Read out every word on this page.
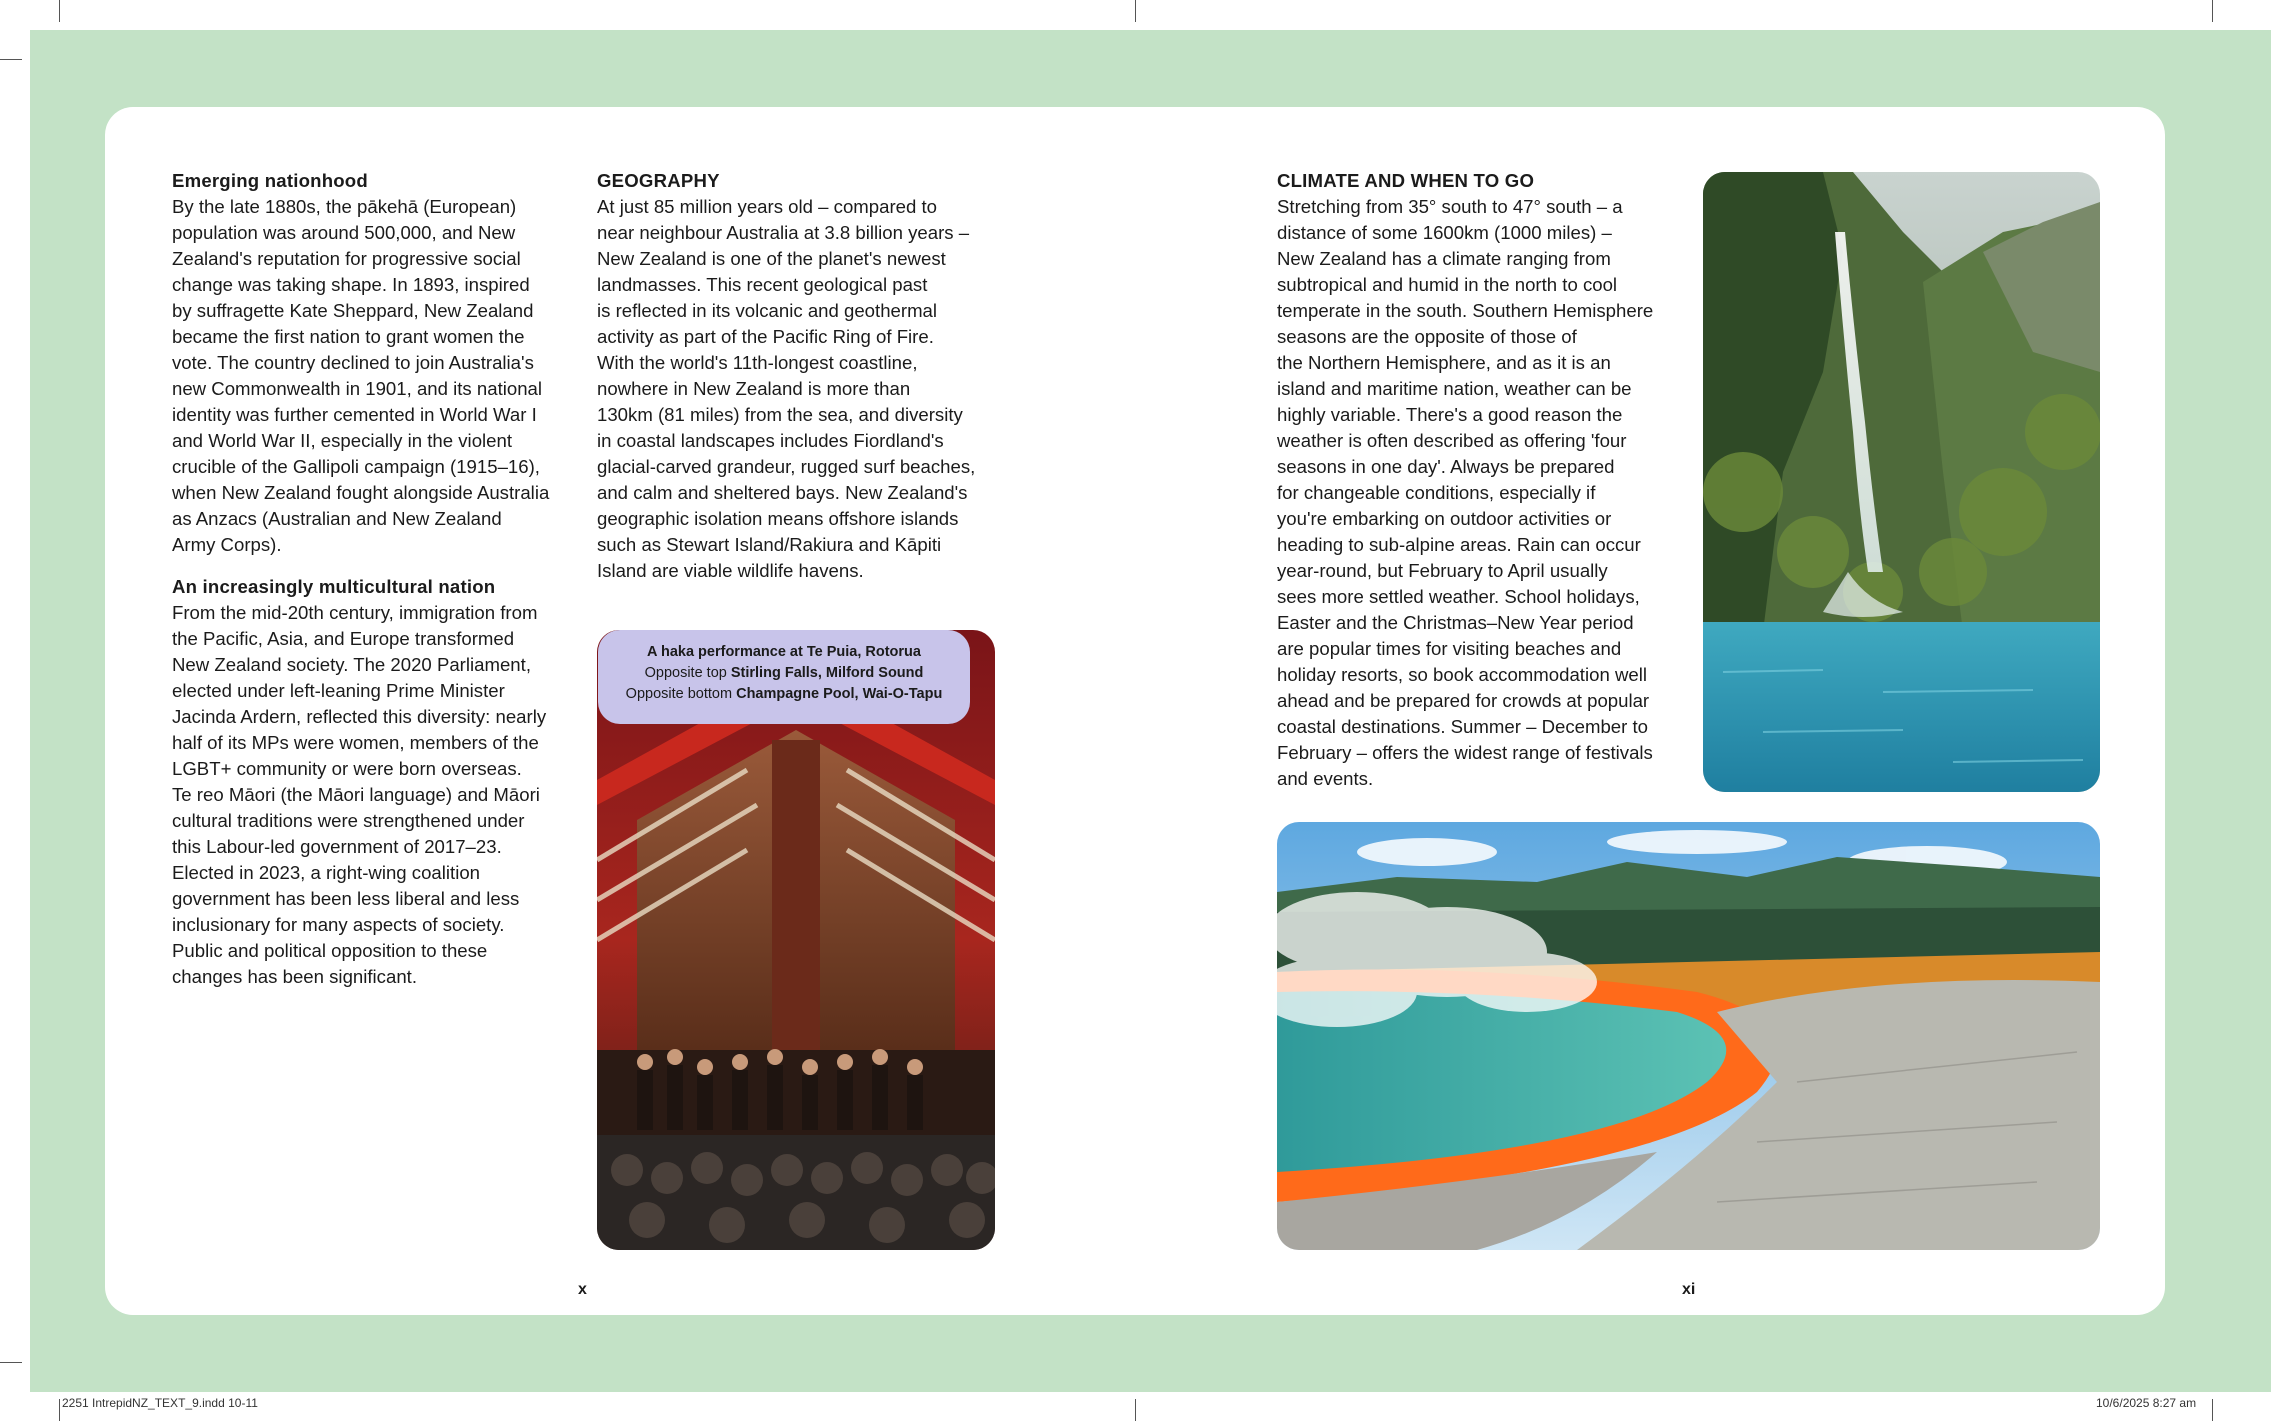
Emerging nationhood

By the late 1880s, the pākehā (European)

population was around 500,000, and New

Zealand's reputation for progressive social

change was taking shape. In 1893, inspired

by suffragette Kate Sheppard, New Zealand

became the first nation to grant women the

vote. The country declined to join Australia's

new Commonwealth in 1901, and its national

identity was further cemented in World War I

and World War II, especially in the violent

crucible of the Gallipoli campaign (1915–16),

when New Zealand fought alongside Australia

as Anzacs (Australian and New Zealand

Army Corps).

An increasingly multicultural nation

From the mid-20th century, immigration from

the Pacific, Asia, and Europe transformed

New Zealand society. The 2020 Parliament,

elected under left-leaning Prime Minister

Jacinda Ardern, reflected this diversity: nearly

half of its MPs were women, members of the

LGBT+ community or were born overseas.

Te reo Māori (the Māori language) and Māori

cultural traditions were strengthened under

this Labour-led government of 2017–23.

Elected in 2023, a right-wing coalition

government has been less liberal and less

inclusionary for many aspects of society.

Public and political opposition to these

changes has been significant.

GEOGRAPHY

At just 85 million years old – compared to

near neighbour Australia at 3.8 billion years –

New Zealand is one of the planet's newest

landmasses. This recent geological past

is reflected in its volcanic and geothermal

activity as part of the Pacific Ring of Fire.

With the world's 11th-longest coastline,

nowhere in New Zealand is more than

130km (81 miles) from the sea, and diversity

in coastal landscapes includes Fiordland's

glacial-carved grandeur, rugged surf beaches,

and calm and sheltered bays. New Zealand's

geographic isolation means offshore islands

such as Stewart Island/Rakiura and Kāpiti

Island are viable wildlife havens.

A haka performance at Te Puia, Rotorua
Opposite top Stirling Falls, Milford Sound
Opposite bottom Champagne Pool, Wai-O-Tapu
x

CLIMATE AND WHEN TO GO

Stretching from 35° south to 47° south – a

distance of some 1600km (1000 miles) –

New Zealand has a climate ranging from

subtropical and humid in the north to cool

temperate in the south. Southern Hemisphere

seasons are the opposite of those of

the Northern Hemisphere, and as it is an

island and maritime nation, weather can be

highly variable. There's a good reason the

weather is often described as offering 'four

seasons in one day'. Always be prepared

for changeable conditions, especially if

you're embarking on outdoor activities or

heading to sub-alpine areas. Rain can occur

year-round, but February to April usually

sees more settled weather. School holidays,

Easter and the Christmas–New Year period

are popular times for visiting beaches and

holiday resorts, so book accommodation well

ahead and be prepared for crowds at popular

coastal destinations. Summer – December to

February – offers the widest range of festivals

and events.

xi
2251 IntrepidNZ_TEXT_9.indd 10-11	10/6/2025 8:27 am
